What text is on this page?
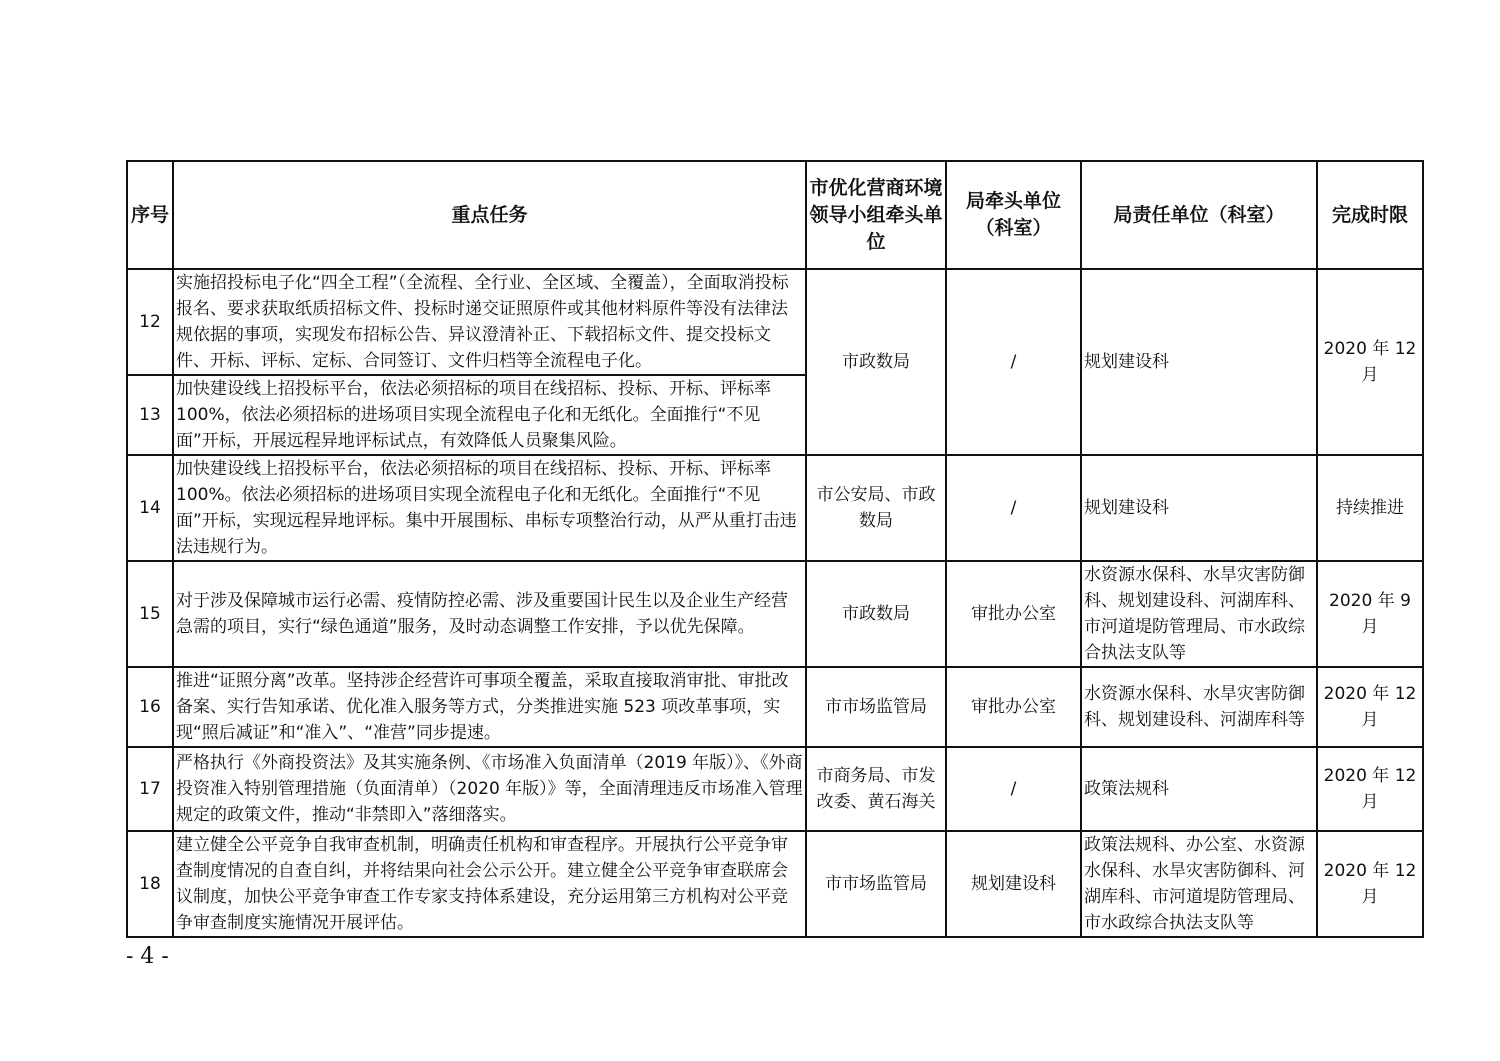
序号	重点任务	市优化营商环境领导小组牵头单位	局牵头单位（科室）	局责任单位（科室）	完成时限
12	实施招投标电子化“四全工程”（全流程、全行业、全区域、全覆盖），全面取消投标报名、要求获取纸质招标文件、投标时递交证照原件或其他材料原件等没有法律法规依据的事项，实现发布招标公告、异议澄清补正、下载招标文件、提交投标文件、开标、评标、定标、合同签订、文件归档等全流程电子化。	市政数局	/	规划建设科	2020 年 12 月
13	加快建设线上招投标平台，依法必须招标的项目在线招标、投标、开标、评标率100%，依法必须招标的进场项目实现全流程电子化和无纸化。全面推行“不见面”开标，开展远程异地评标试点，有效降低人员聚集风险。				
14	加快建设线上招投标平台，依法必须招标的项目在线招标、投标、开标、评标率100%。依法必须招标的进场项目实现全流程电子化和无纸化。全面推行“不见面”开标，实现远程异地评标。集中开展围标、串标专项整治行动，从严从重打击违法违规行为。	市公安局、市政数局	/	规划建设科	持续推进
15	对于涉及保障城市运行必需、疫情防控必需、涉及重要国计民生以及企业生产经营急需的项目，实行“绿色通道”服务，及时动态调整工作安排，予以优先保障。	市政数局	审批办公室	水资源水保科、水旱灾害防御科、规划建设科、河湖库科、市河道堤防管理局、市水政综合执法支队等	2020 年 9 月
16	推进“证照分离”改革。坚持涉企经营许可事项全覆盖，采取直接取消审批、审批改备案、实行告知承诺、优化准入服务等方式，分类推进实施 523 项改革事项，实现“照后减证”和“准入”、“准营”同步提速。	市市场监管局	审批办公室	水资源水保科、水旱灾害防御科、规划建设科、河湖库科等	2020 年 12 月
17	严格执行《外商投资法》及其实施条例、《市场准入负面清单（2019 年版）》、《外商投资准入特别管理措施（负面清单）（2020 年版）》等，全面清理违反市场准入管理规定的政策文件，推动“非禁即入”落细落实。	市商务局、市发改委、黄石海关	/	政策法规科	2020 年 12 月
18	建立健全公平竞争自我审查机制，明确责任机构和审查程序。开展执行公平竞争审查制度情况的自查自纠，并将结果向社会公示公开。建立健全公平竞争审查联席会议制度，加快公平竞争审查工作专家支持体系建设，充分运用第三方机构对公平竞争审查制度实施情况开展评估。	市市场监管局	规划建设科	政策法规科、办公室、水资源水保科、水旱灾害防御科、河湖库科、市河道堤防管理局、市水政综合执法支队等	2020 年 12 月
- 4 -
